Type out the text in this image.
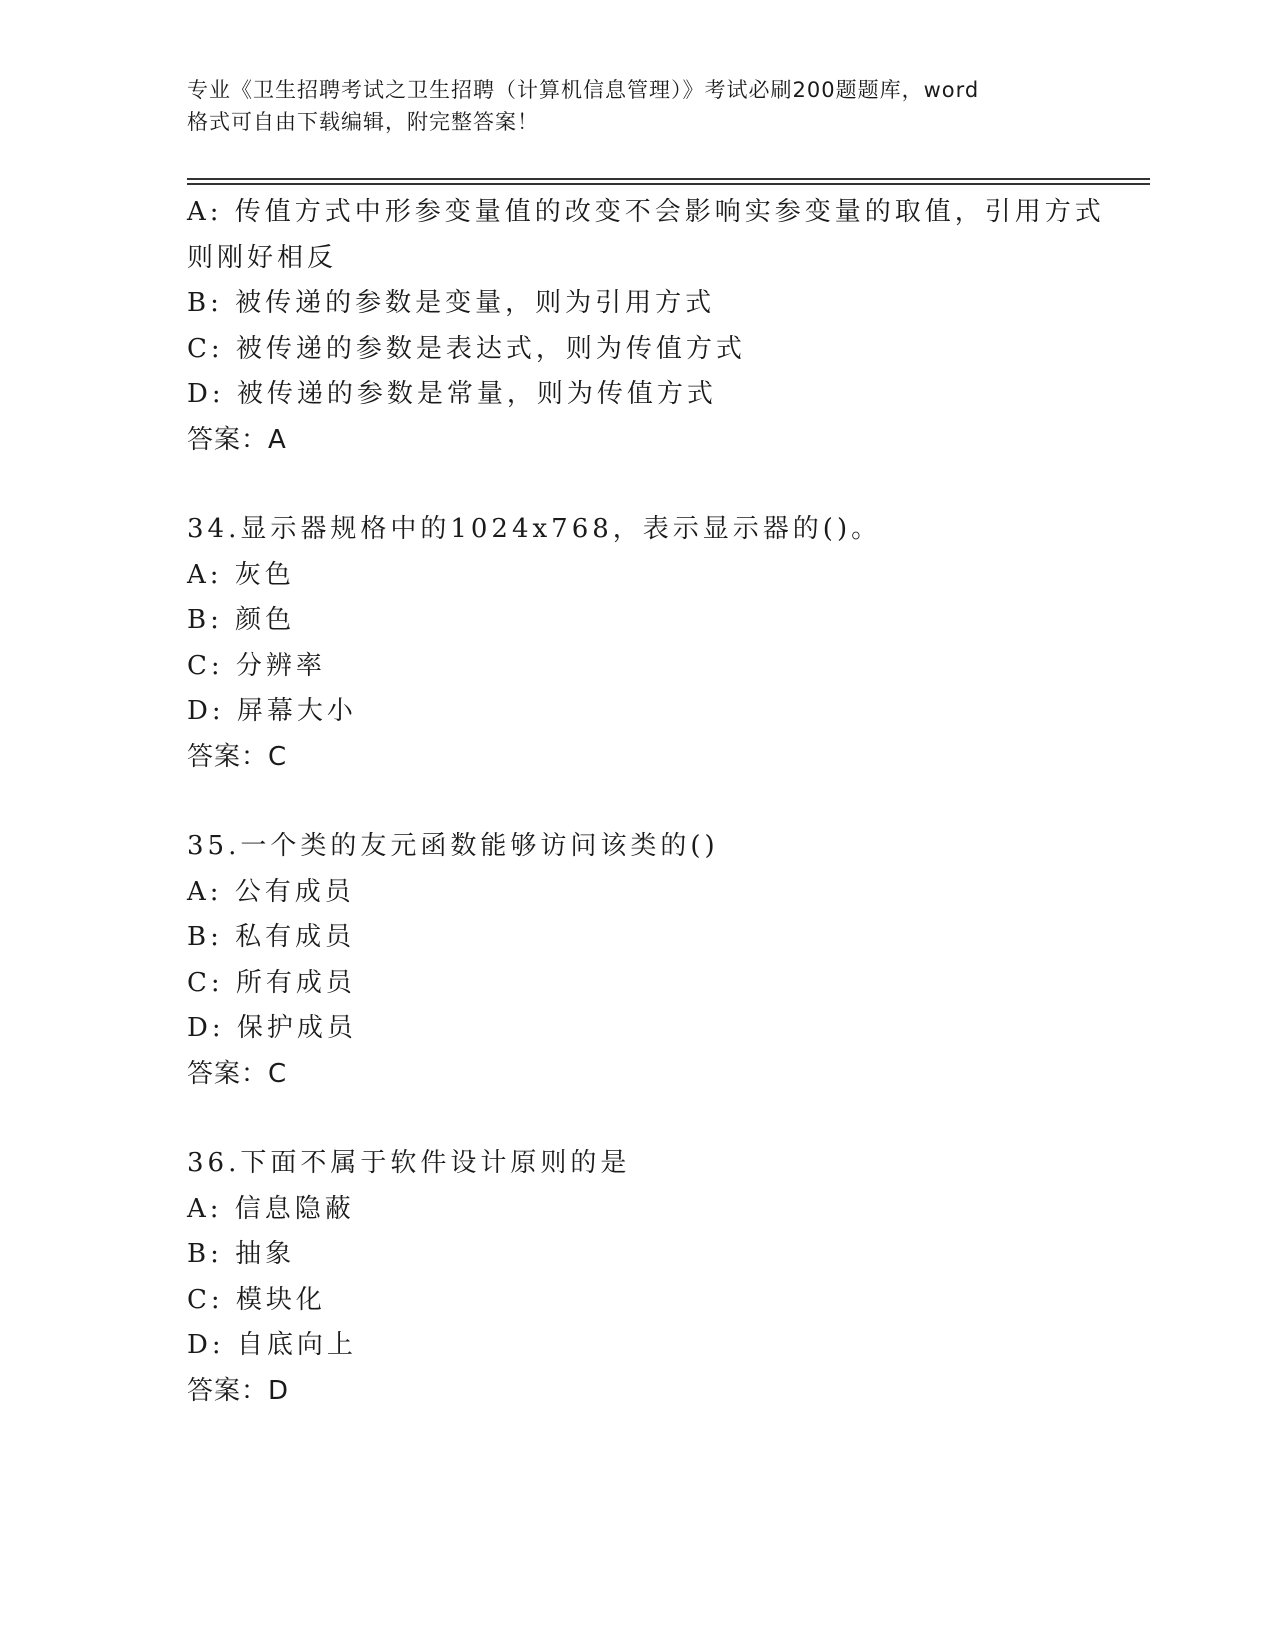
专业《卫生招聘考试之卫生招聘（计算机信息管理）》考试必刷200题题库，word
格式可自由下载编辑，附完整答案！
A: 传值方式中形参变量值的改变不会影响实参变量的取值，引用方式
则刚好相反
B: 被传递的参数是变量，则为引用方式
C: 被传递的参数是表达式，则为传值方式
D: 被传递的参数是常量，则为传值方式
答案：A
34.显示器规格中的1024x768，表示显示器的()。
A: 灰色
B: 颜色
C: 分辨率
D: 屏幕大小
答案：C
35.一个类的友元函数能够访问该类的()
A: 公有成员
B: 私有成员
C: 所有成员
D: 保护成员
答案：C
36.下面不属于软件设计原则的是
A: 信息隐蔽
B: 抽象
C: 模块化
D: 自底向上
答案：D
